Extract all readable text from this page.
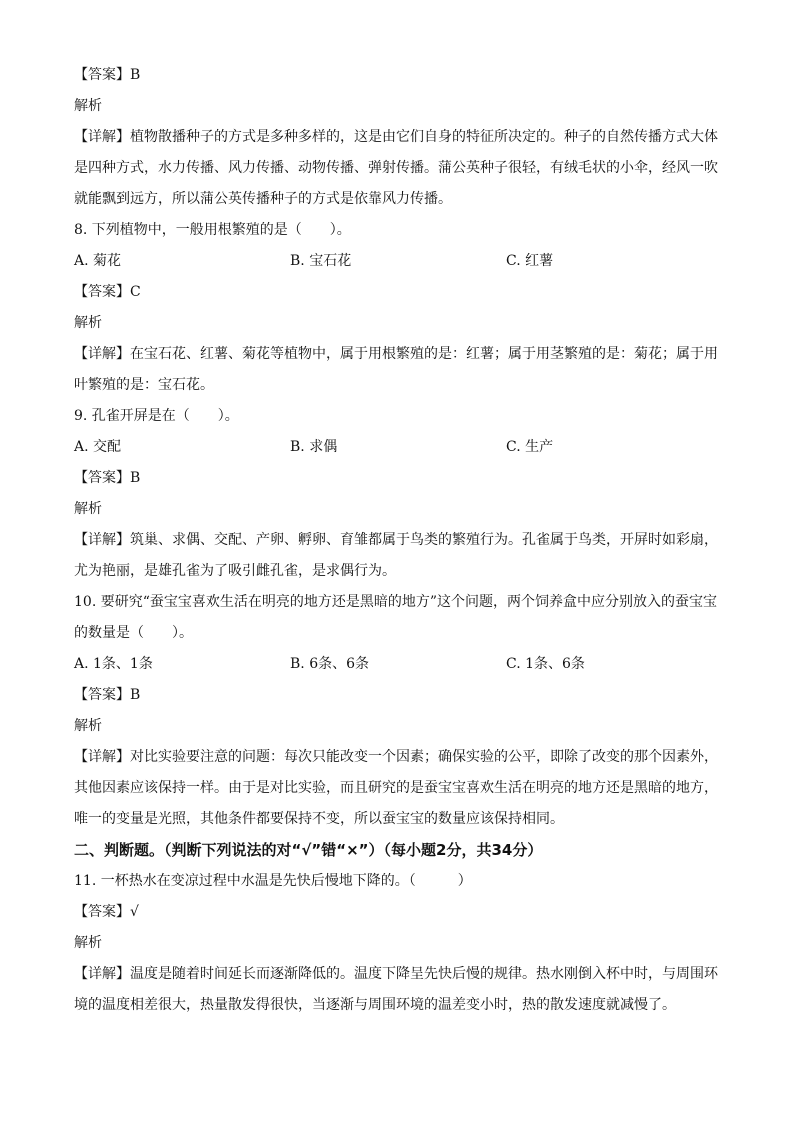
【答案】B
解析
【详解】植物散播种子的方式是多种多样的，这是由它们自身的特征所决定的。种子的自然传播方式大体
是四种方式，水力传播、风力传播、动物传播、弹射传播。蒲公英种子很轻，有绒毛状的小伞，经风一吹
就能飘到远方，所以蒲公英传播种子的方式是依靠风力传播。
8. 下列植物中，一般用根繁殖的是（　　）。
A. 菊花	B. 宝石花	C. 红薯
【答案】C
解析
【详解】在宝石花、红薯、菊花等植物中，属于用根繁殖的是：红薯；属于用茎繁殖的是：菊花；属于用
叶繁殖的是：宝石花。
9. 孔雀开屏是在（　　）。
A. 交配	B. 求偶	C. 生产
【答案】B
解析
【详解】筑巢、求偶、交配、产卵、孵卵、育雏都属于鸟类的繁殖行为。孔雀属于鸟类，开屏时如彩扇，
尤为艳丽，是雄孔雀为了吸引雌孔雀，是求偶行为。
10. 要研究“蚕宝宝喜欢生活在明亮的地方还是黑暗的地方”这个问题，两个饲养盒中应分别放入的蚕宝宝
的数量是（　　）。
A. 1条、1条	B. 6条、6条	C. 1条、6条
【答案】B
解析
【详解】对比实验要注意的问题：每次只能改变一个因素；确保实验的公平，即除了改变的那个因素外，
其他因素应该保持一样。由于是对比实验，而且研究的是蚕宝宝喜欢生活在明亮的地方还是黑暗的地方，
唯一的变量是光照，其他条件都要保持不变，所以蚕宝宝的数量应该保持相同。
二、判断题。（判断下列说法的对“√”错“×”）（每小题2分，共34分）
11. 一杯热水在变凉过程中水温是先快后慢地下降的。（　　　）
【答案】√
解析
【详解】温度是随着时间延长而逐渐降低的。温度下降呈先快后慢的规律。热水刚倒入杯中时，与周围环
境的温度相差很大，热量散发得很快，当逐渐与周围环境的温差变小时，热的散发速度就减慢了。
